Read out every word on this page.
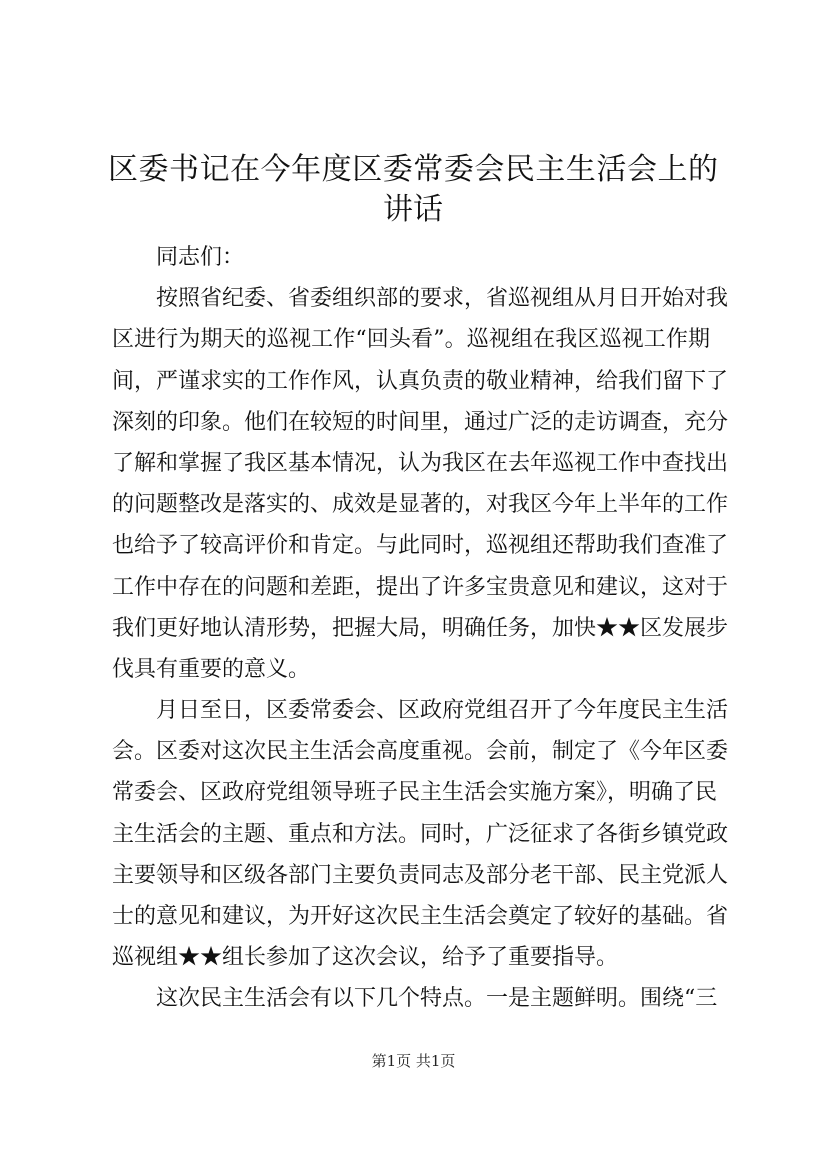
区委书记在今年度区委常委会民主生活会上的
讲话
同志们：
按照省纪委、省委组织部的要求，省巡视组从月日开始对我
区进行为期天的巡视工作“回头看”。巡视组在我区巡视工作期
间，严谨求实的工作作风，认真负责的敬业精神，给我们留下了
深刻的印象。他们在较短的时间里，通过广泛的走访调查，充分
了解和掌握了我区基本情况，认为我区在去年巡视工作中查找出
的问题整改是落实的、成效是显著的，对我区今年上半年的工作
也给予了较高评价和肯定。与此同时，巡视组还帮助我们查准了
工作中存在的问题和差距，提出了许多宝贵意见和建议，这对于
我们更好地认清形势，把握大局，明确任务，加快★★区发展步
伐具有重要的意义。
月日至日，区委常委会、区政府党组召开了今年度民主生活
会。区委对这次民主生活会高度重视。会前，制定了《今年区委
常委会、区政府党组领导班子民主生活会实施方案》，明确了民
主生活会的主题、重点和方法。同时，广泛征求了各街乡镇党政
主要领导和区级各部门主要负责同志及部分老干部、民主党派人
士的意见和建议，为开好这次民主生活会奠定了较好的基础。省
巡视组★★组长参加了这次会议，给予了重要指导。
这次民主生活会有以下几个特点。一是主题鲜明。围绕“三
第1页 共1页
